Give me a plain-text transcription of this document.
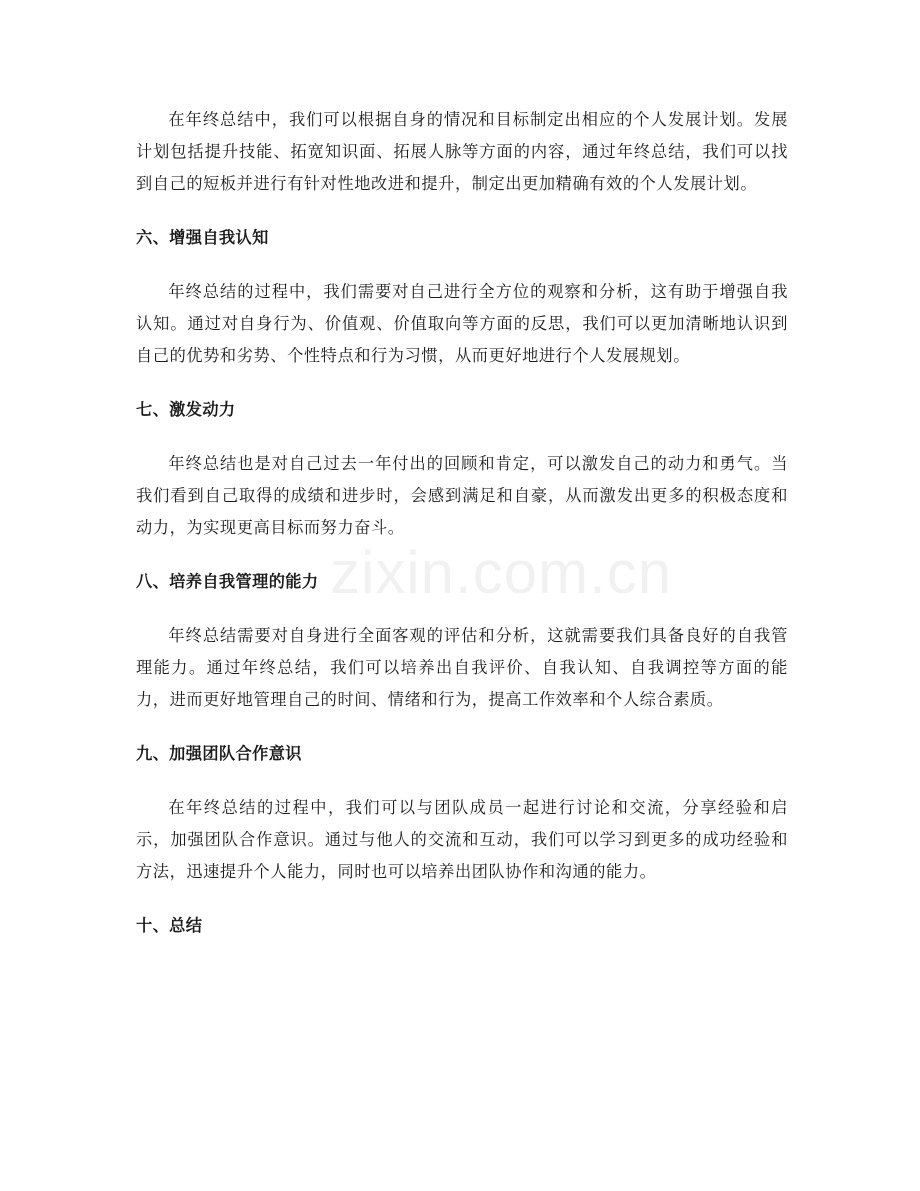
zixin.com.cn

在年终总结中，我们可以根据自身的情况和目标制定出相应的个人发展计划。发展计划包括提升技能、拓宽知识面、拓展人脉等方面的内容，通过年终总结，我们可以找到自己的短板并进行有针对性地改进和提升，制定出更加精确有效的个人发展计划。

六、增强自我认知

年终总结的过程中，我们需要对自己进行全方位的观察和分析，这有助于增强自我认知。通过对自身行为、价值观、价值取向等方面的反思，我们可以更加清晰地认识到自己的优势和劣势、个性特点和行为习惯，从而更好地进行个人发展规划。

七、激发动力

年终总结也是对自己过去一年付出的回顾和肯定，可以激发自己的动力和勇气。当我们看到自己取得的成绩和进步时，会感到满足和自豪，从而激发出更多的积极态度和动力，为实现更高目标而努力奋斗。

八、培养自我管理的能力

年终总结需要对自身进行全面客观的评估和分析，这就需要我们具备良好的自我管理能力。通过年终总结，我们可以培养出自我评价、自我认知、自我调控等方面的能力，进而更好地管理自己的时间、情绪和行为，提高工作效率和个人综合素质。

九、加强团队合作意识

在年终总结的过程中，我们可以与团队成员一起进行讨论和交流，分享经验和启示，加强团队合作意识。通过与他人的交流和互动，我们可以学习到更多的成功经验和方法，迅速提升个人能力，同时也可以培养出团队协作和沟通的能力。

十、总结
